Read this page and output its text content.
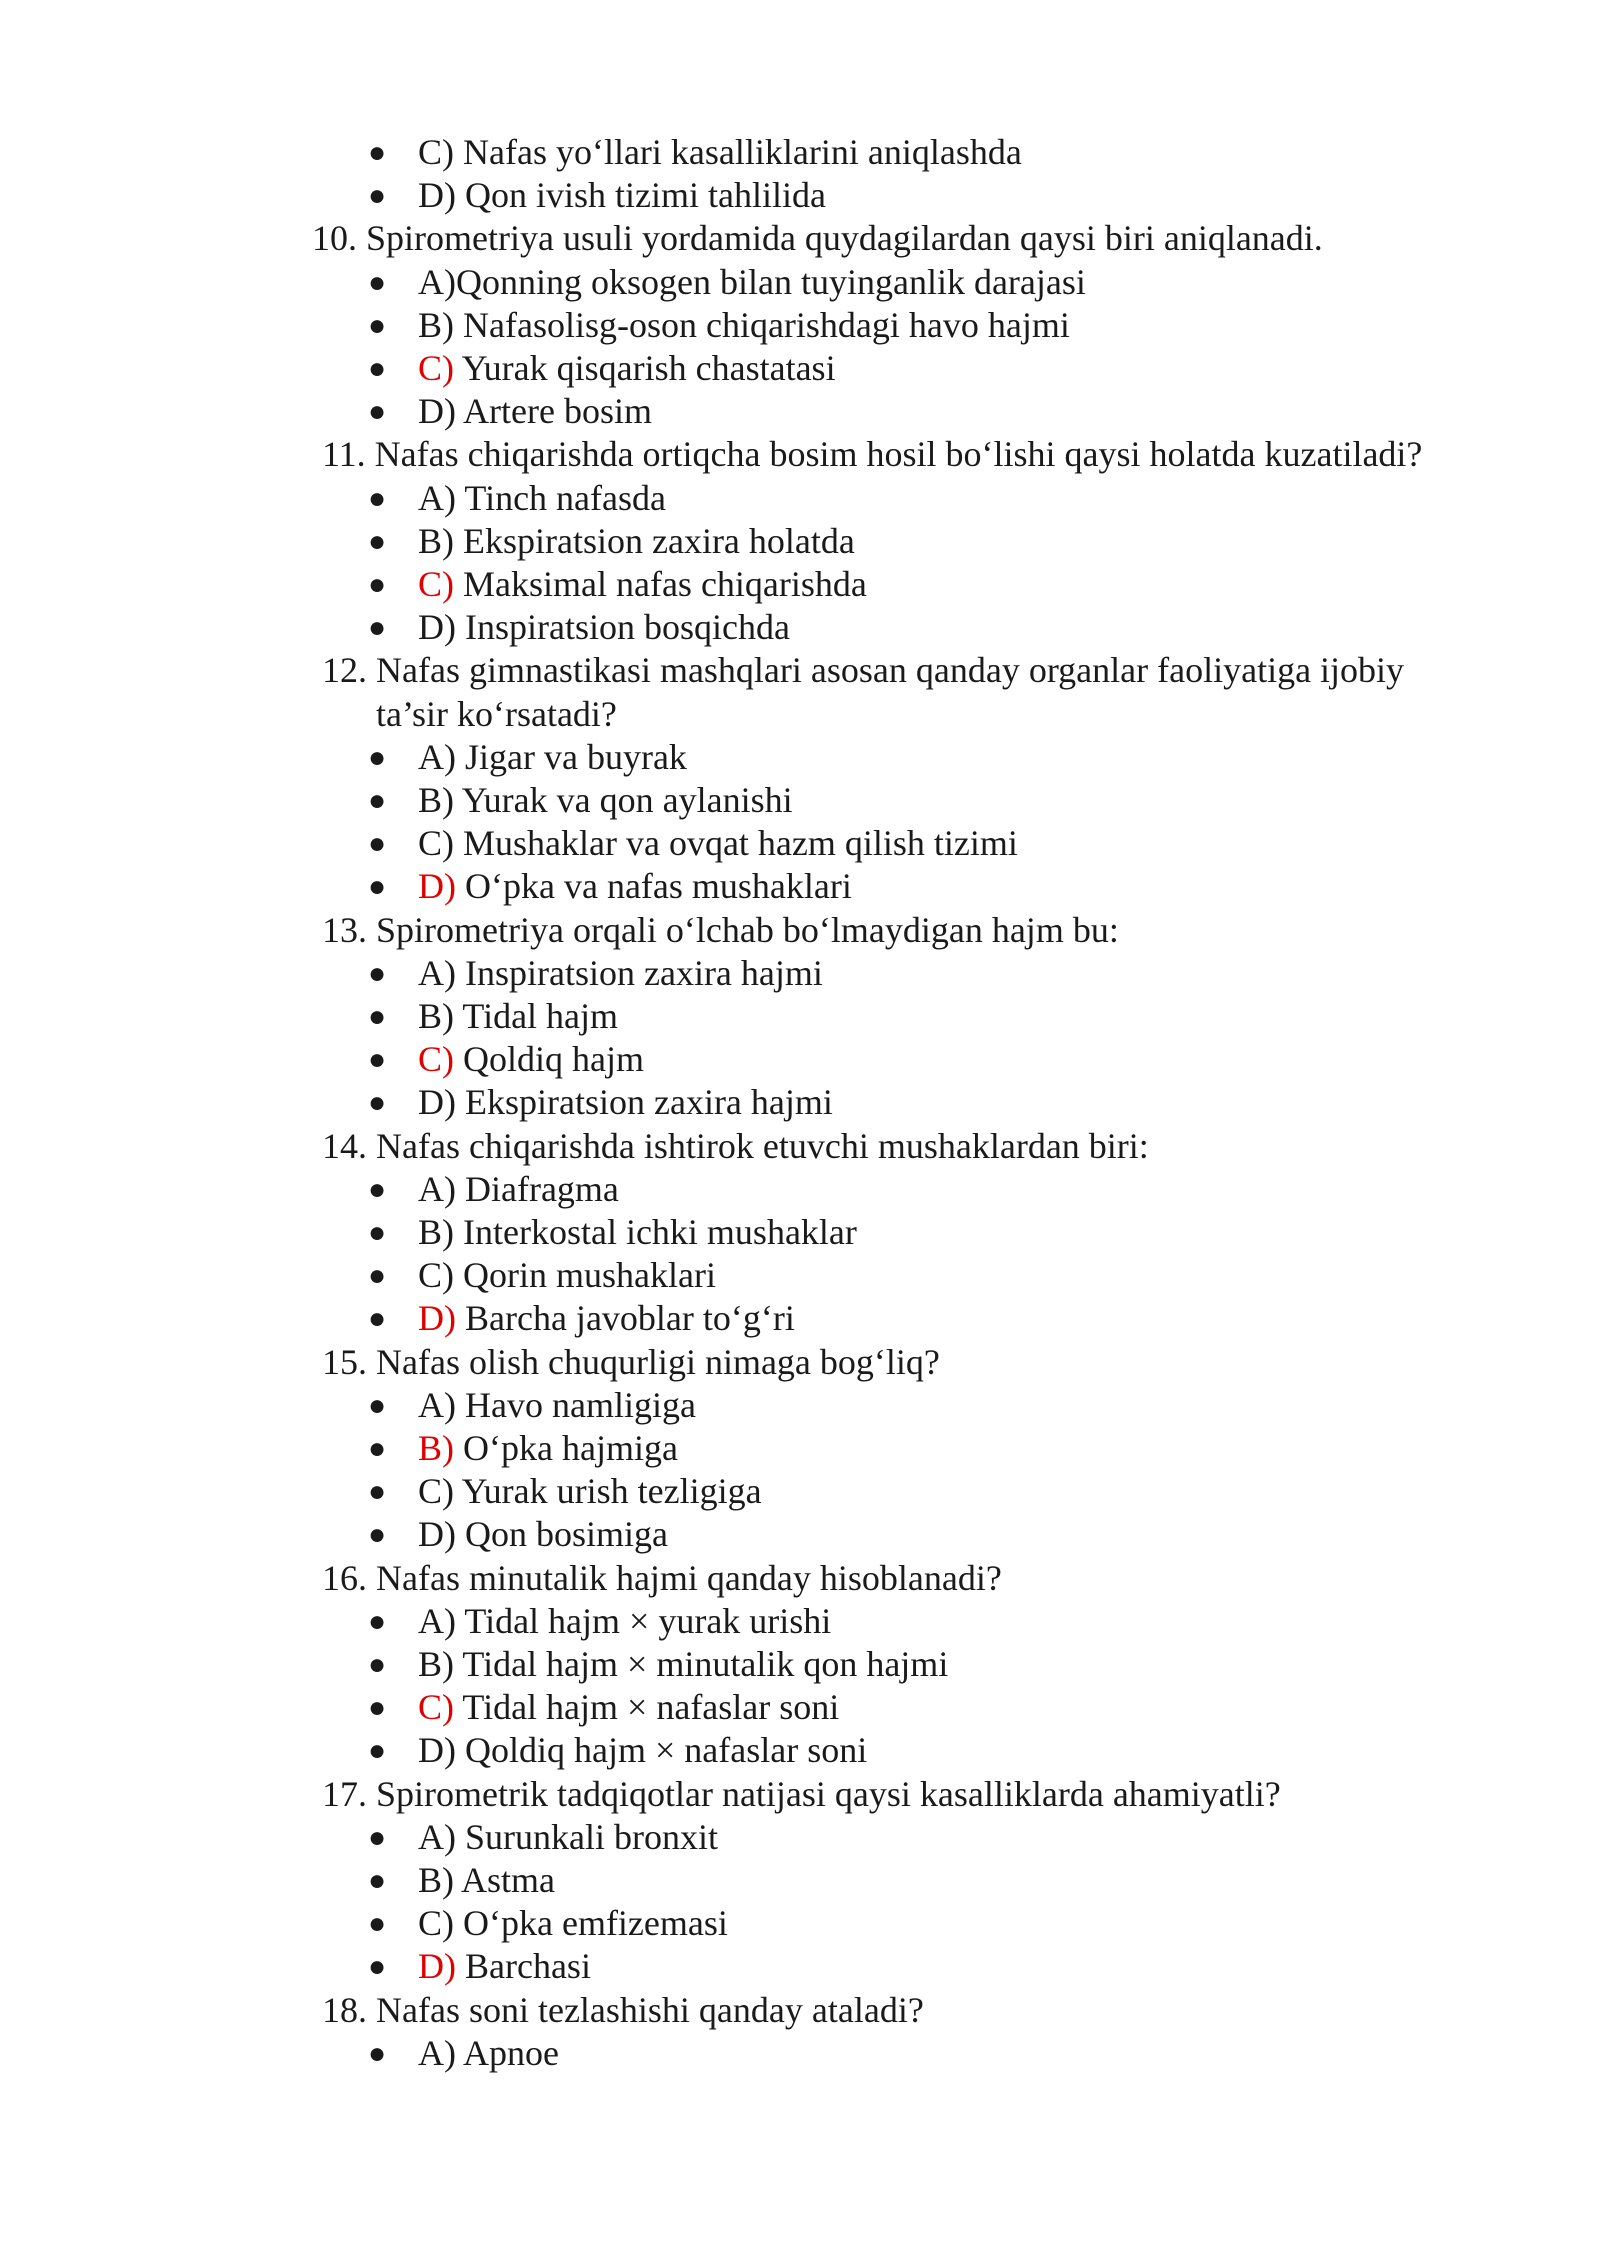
● C) Nafas yo‘llari kasalliklarini aniqlashda
● D) Qon ivish tizimi tahlilida
10. Spirometriya usuli yordamida quydagilardan qaysi biri aniqlanadi.
● A)Qonning oksogen bilan tuyinganlik darajasi
● B) Nafasolisg-oson chiqarishdagi havo hajmi
● C) Yurak qisqarish chastatasi
● D) Artere bosim
11. Nafas chiqarishda ortiqcha bosim hosil bo‘lishi qaysi holatda kuzatiladi?
● A) Tinch nafasda
● B) Ekspiratsion zaxira holatda
● C) Maksimal nafas chiqarishda
● D) Inspiratsion bosqichda
12. Nafas gimnastikasi mashqlari asosan qanday organlar faoliyatiga ijobiy
ta’sir ko‘rsatadi?
● A) Jigar va buyrak
● B) Yurak va qon aylanishi
● C) Mushaklar va ovqat hazm qilish tizimi
● D) O‘pka va nafas mushaklari
13. Spirometriya orqali o‘lchab bo‘lmaydigan hajm bu:
● A) Inspiratsion zaxira hajmi
● B) Tidal hajm
● C) Qoldiq hajm
● D) Ekspiratsion zaxira hajmi
14. Nafas chiqarishda ishtirok etuvchi mushaklardan biri:
● A) Diafragma
● B) Interkostal ichki mushaklar
● C) Qorin mushaklari
● D) Barcha javoblar to‘g‘ri
15. Nafas olish chuqurligi nimaga bog‘liq?
● A) Havo namligiga
● B) O‘pka hajmiga
● C) Yurak urish tezligiga
● D) Qon bosimiga
16. Nafas minutalik hajmi qanday hisoblanadi?
● A) Tidal hajm × yurak urishi
● B) Tidal hajm × minutalik qon hajmi
● C) Tidal hajm × nafaslar soni
● D) Qoldiq hajm × nafaslar soni
17. Spirometrik tadqiqotlar natijasi qaysi kasalliklarda ahamiyatli?
● A) Surunkali bronxit
● B) Astma
● C) O‘pka emfizemasi
● D) Barchasi
18. Nafas soni tezlashishi qanday ataladi?
● A) Apnoe
